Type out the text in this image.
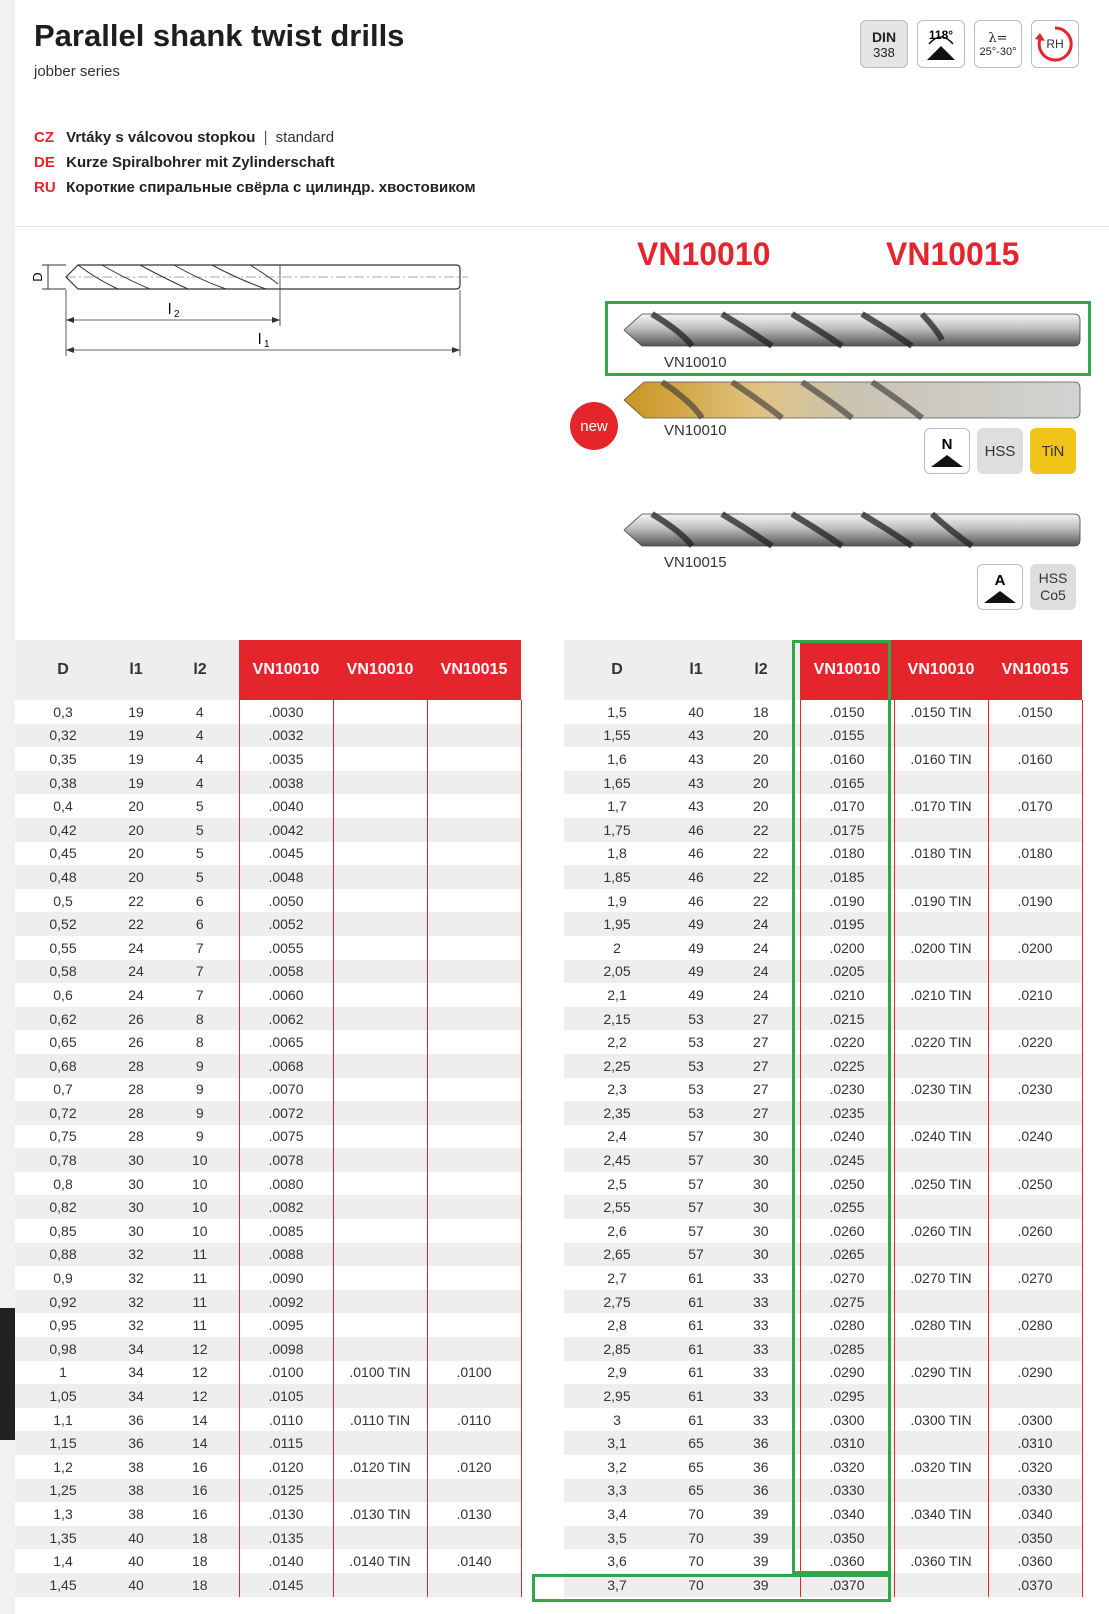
Parallel shank twist drills
jobber series
DIN
338
118°	λ=
25°-30°
RH
CZ Vrtáky s válcovou stopkou | standard
DE Kurze Spiralbohrer mit Zylinderschaft
RU Короткие спиральные свёрла с цилиндр. хвостовиком
D
l 2
l 1
VN10010	VN10015
VN10010
new	VN10010
N	HSS	TiN
VN10015
A HSS
Co5
D	l1	l2	VN10010	VN10010	VN10015
0,3	19	4	.0030		
0,32	19	4	.0032		
0,35	19	4	.0035		
0,38	19	4	.0038		
0,4	20	5	.0040		
0,42	20	5	.0042		
0,45	20	5	.0045		
0,48	20	5	.0048		
0,5	22	6	.0050		
0,52	22	6	.0052		
0,55	24	7	.0055		
0,58	24	7	.0058		
0,6	24	7	.0060		
0,62	26	8	.0062		
0,65	26	8	.0065		
0,68	28	9	.0068		
0,7	28	9	.0070		
0,72	28	9	.0072		
0,75	28	9	.0075		
0,78	30	10	.0078		
0,8	30	10	.0080		
0,82	30	10	.0082		
0,85	30	10	.0085		
0,88	32	11	.0088		
0,9	32	11	.0090		
0,92	32	11	.0092		
0,95	32	11	.0095		
0,98	34	12	.0098		
1	34	12	.0100	.0100 TIN	.0100
1,05	34	12	.0105		
1,1	36	14	.0110	.0110 TIN	.0110
1,15	36	14	.0115		
1,2	38	16	.0120	.0120 TIN	.0120
1,25	38	16	.0125		
1,3	38	16	.0130	.0130 TIN	.0130
1,35	40	18	.0135		
1,4	40	18	.0140	.0140 TIN	.0140
1,45	40	18	.0145		
D	l1	l2	VN10010	VN10010	VN10015
1,5	40	18	.0150	.0150 TIN	.0150
1,55	43	20	.0155		
1,6	43	20	.0160	.0160 TIN	.0160
1,65	43	20	.0165		
1,7	43	20	.0170	.0170 TIN	.0170
1,75	46	22	.0175		
1,8	46	22	.0180	.0180 TIN	.0180
1,85	46	22	.0185		
1,9	46	22	.0190	.0190 TIN	.0190
1,95	49	24	.0195		
2	49	24	.0200	.0200 TIN	.0200
2,05	49	24	.0205		
2,1	49	24	.0210	.0210 TIN	.0210
2,15	53	27	.0215		
2,2	53	27	.0220	.0220 TIN	.0220
2,25	53	27	.0225		
2,3	53	27	.0230	.0230 TIN	.0230
2,35	53	27	.0235		
2,4	57	30	.0240	.0240 TIN	.0240
2,45	57	30	.0245		
2,5	57	30	.0250	.0250 TIN	.0250
2,55	57	30	.0255		
2,6	57	30	.0260	.0260 TIN	.0260
2,65	57	30	.0265		
2,7	61	33	.0270	.0270 TIN	.0270
2,75	61	33	.0275		
2,8	61	33	.0280	.0280 TIN	.0280
2,85	61	33	.0285		
2,9	61	33	.0290	.0290 TIN	.0290
2,95	61	33	.0295		
3	61	33	.0300	.0300 TIN	.0300
3,1	65	36	.0310		.0310
3,2	65	36	.0320	.0320 TIN	.0320
3,3	65	36	.0330		.0330
3,4	70	39	.0340	.0340 TIN	.0340
3,5	70	39	.0350		.0350
3,6	70	39	.0360	.0360 TIN	.0360
3,7	70	39	.0370		.0370
